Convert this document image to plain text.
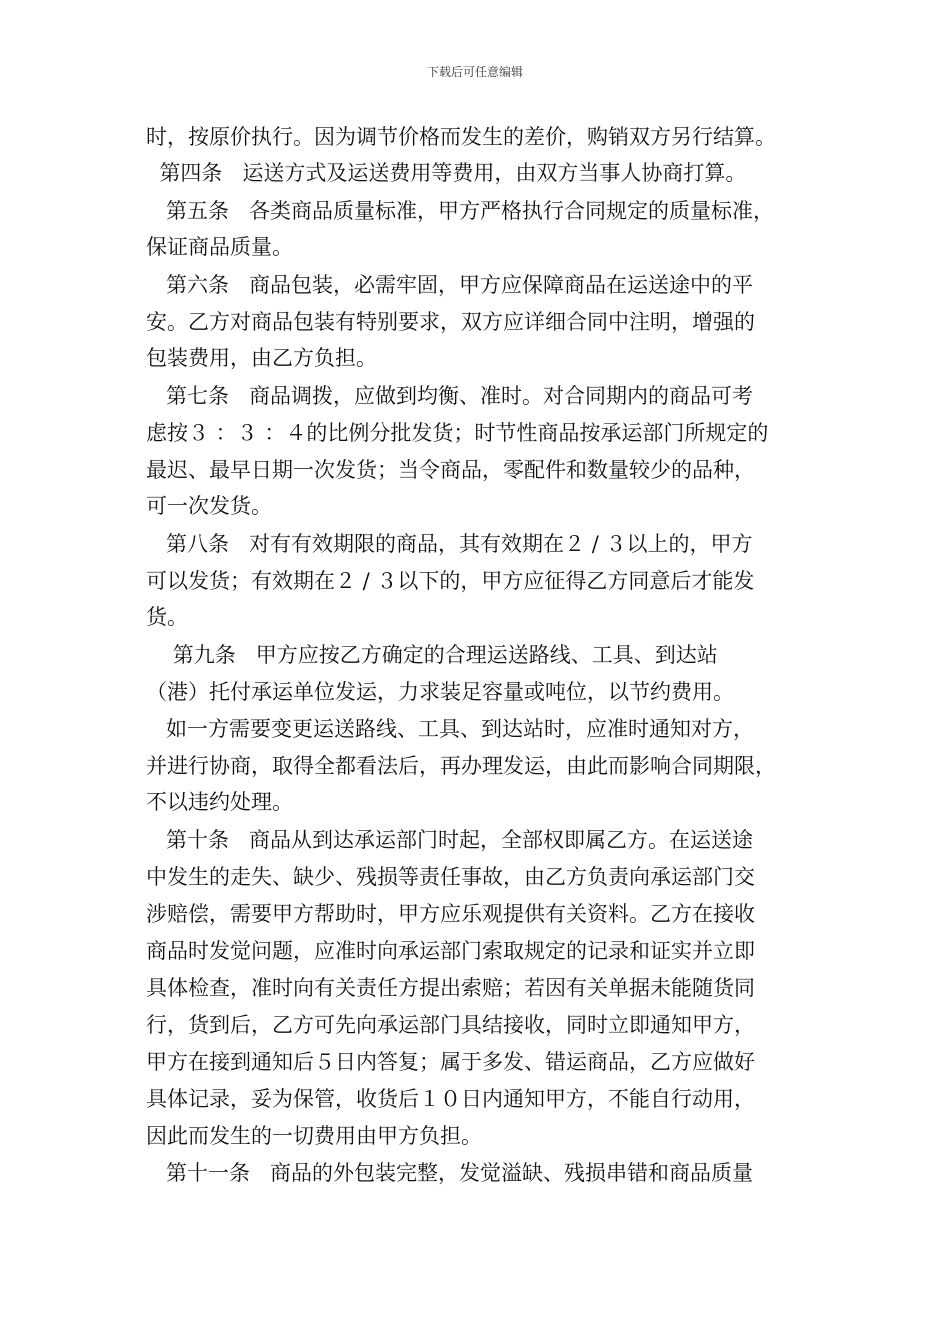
下载后可任意编辑
时，按原价执行。因为调节价格而发生的差价，购销双方另行结算。
第四条   运送方式及运送费用等费用，由双方当事人协商打算。
第五条   各类商品质量标准，甲方严格执行合同规定的质量标准，
保证商品质量。
第六条   商品包装，必需牢固，甲方应保障商品在运送途中的平
安。乙方对商品包装有特别要求，双方应详细合同中注明，增强的
包装费用，由乙方负担。
第七条   商品调拨，应做到均衡、准时。对合同期内的商品可考
虑按３ ：３ ：４的比例分批发货；时节性商品按承运部门所规定的
最迟、最早日期一次发货；当令商品，零配件和数量较少的品种，
可一次发货。
第八条   对有有效期限的商品，其有效期在２ / ３以上的，甲方
可以发货；有效期在２ / ３以下的，甲方应征得乙方同意后才能发
货。
第九条   甲方应按乙方确定的合理运送路线、工具、到达站
（港）托付承运单位发运，力求装足容量或吨位，以节约费用。
如一方需要变更运送路线、工具、到达站时，应准时通知对方，
并进行协商，取得全都看法后，再办理发运，由此而影响合同期限，
不以违约处理。
第十条   商品从到达承运部门时起，全部权即属乙方。在运送途
中发生的走失、缺少、残损等责任事故，由乙方负责向承运部门交
涉赔偿，需要甲方帮助时，甲方应乐观提供有关资料。乙方在接收
商品时发觉问题，应准时向承运部门索取规定的记录和证实并立即
具体检查，准时向有关责任方提出索赔；若因有关单据未能随货同
行，货到后，乙方可先向承运部门具结接收，同时立即通知甲方，
甲方在接到通知后５日内答复；属于多发、错运商品，乙方应做好
具体记录，妥为保管，收货后１０日内通知甲方，不能自行动用，
因此而发生的一切费用由甲方负担。
第十一条   商品的外包装完整，发觉溢缺、残损串错和商品质量
